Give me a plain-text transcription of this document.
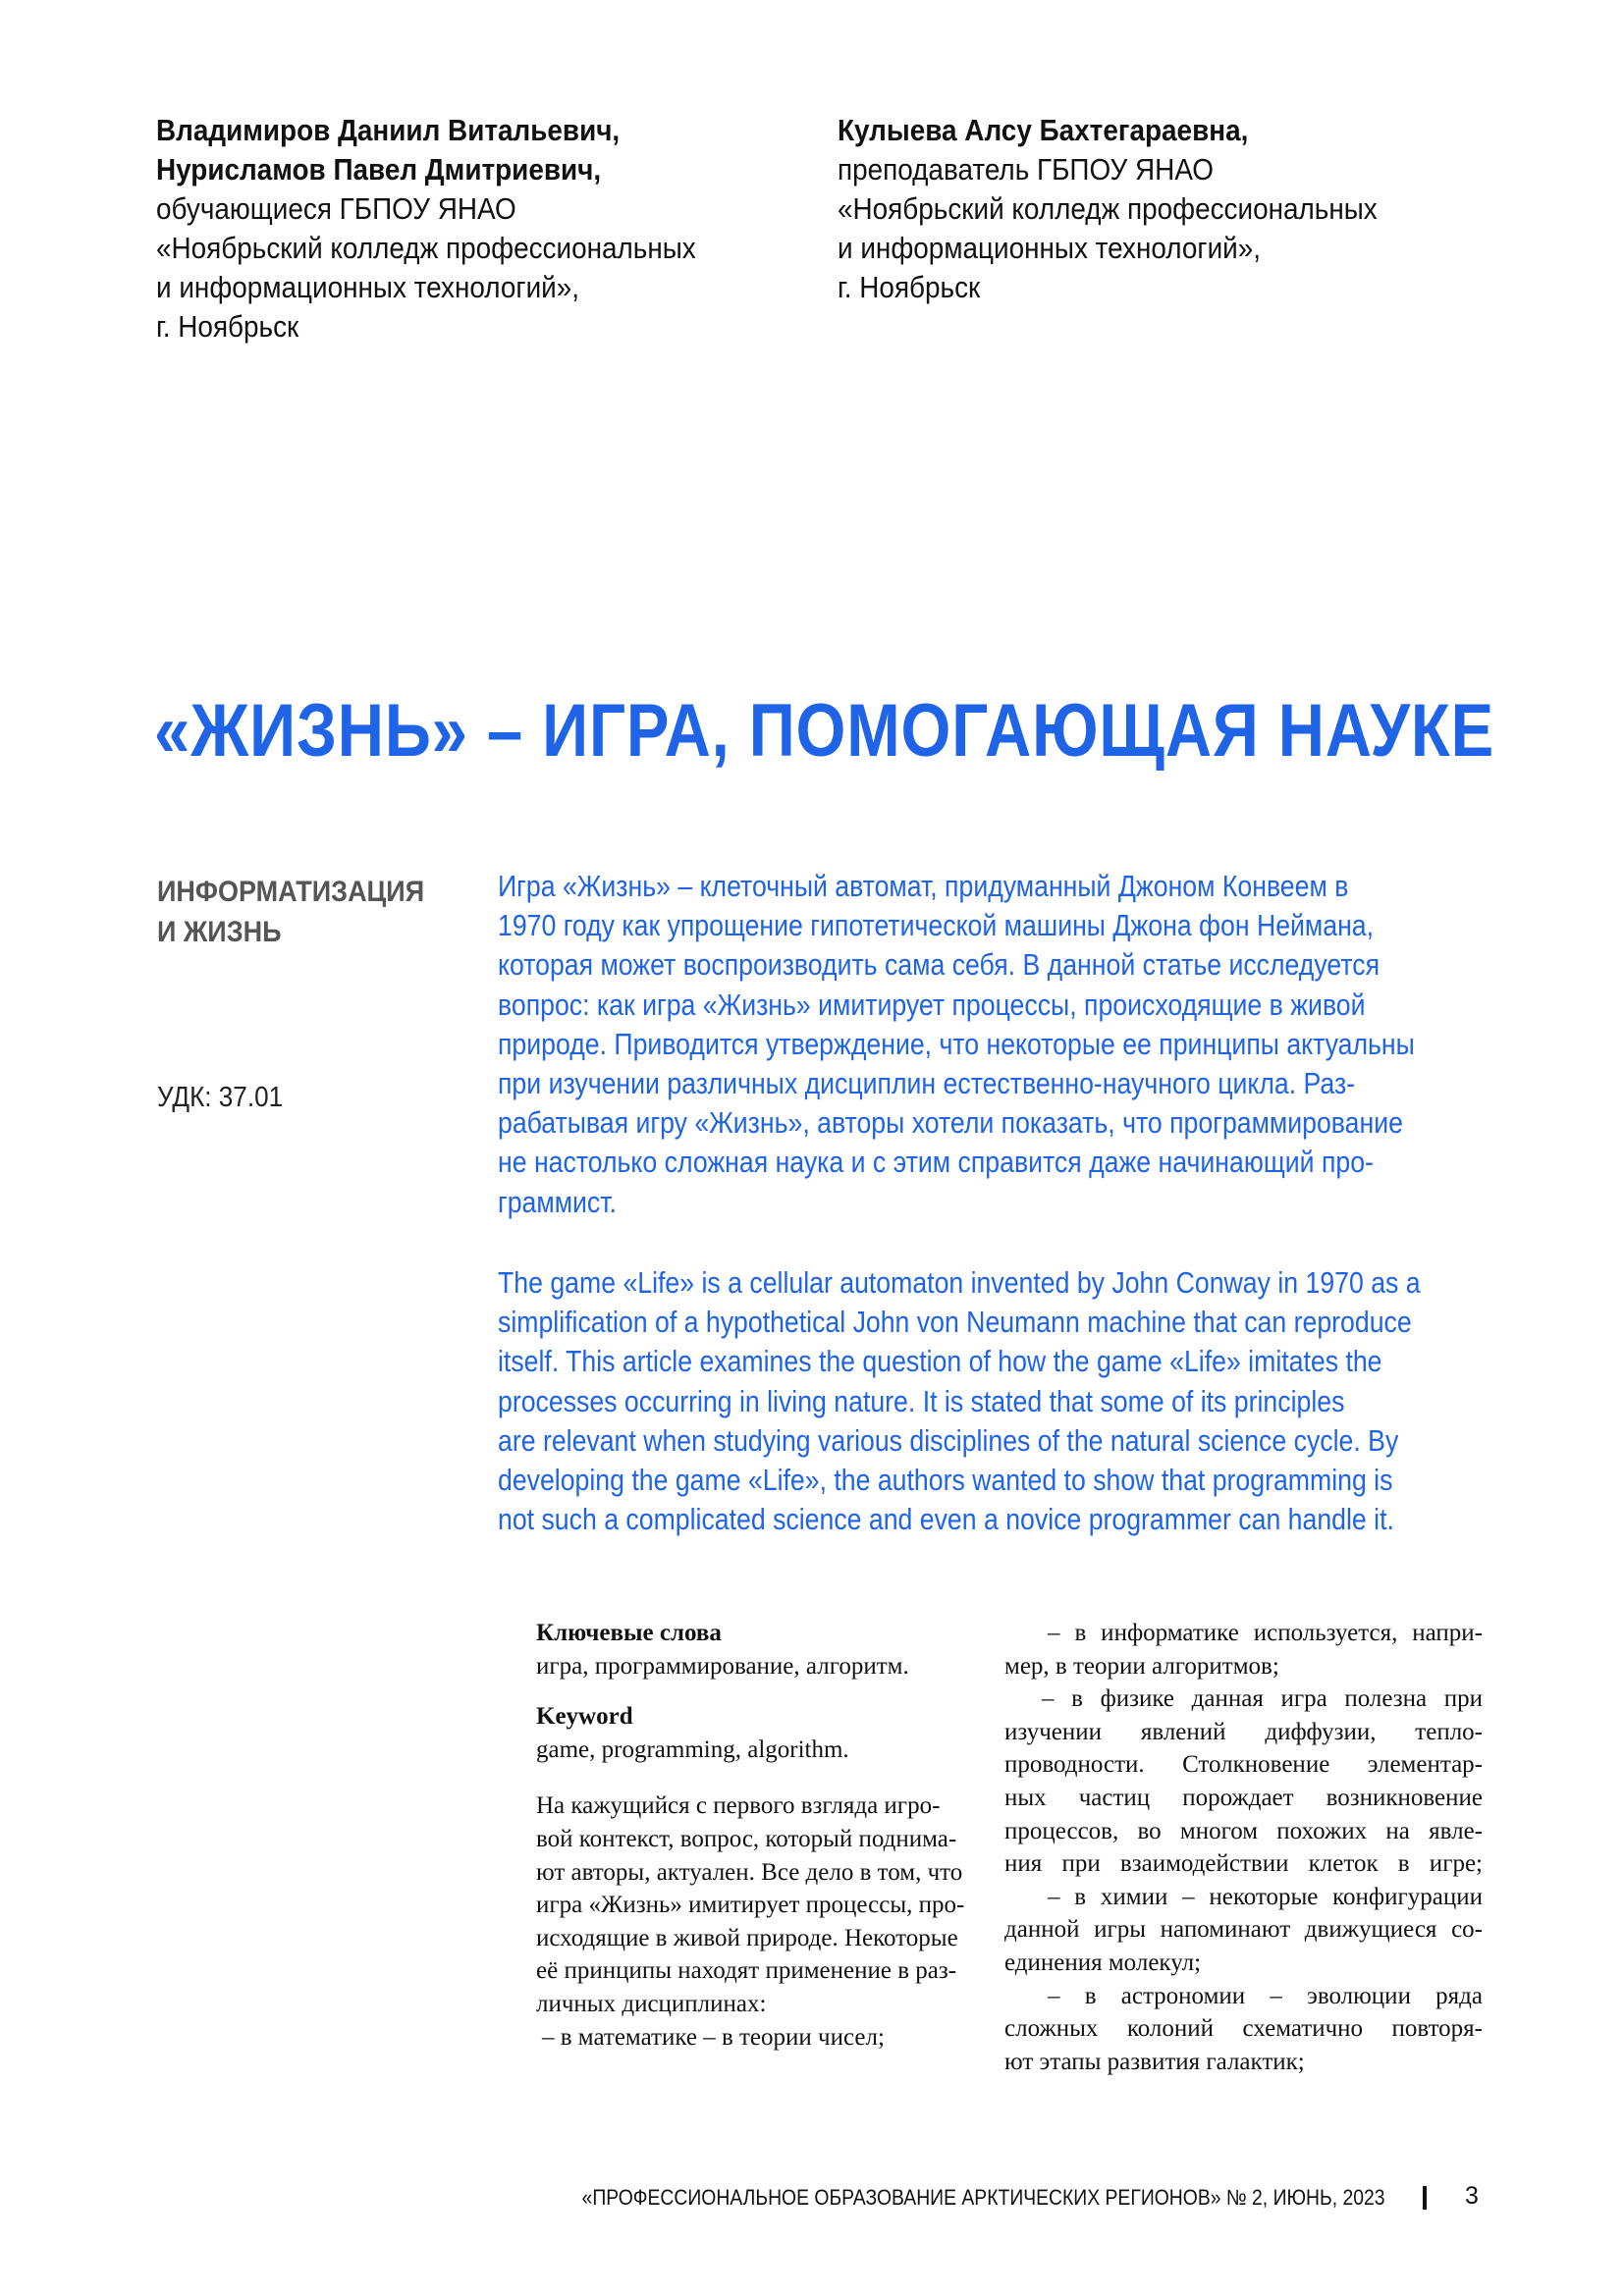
Владимиров Даниил Витальевич,
Нурисламов Павел Дмитриевич,
обучающиеся ГБПОУ ЯНАО
«Ноябрьский колледж профессиональных
и информационных технологий»,
г. Ноябрьск
Кулыева Алсу Бахтегараевна,
преподаватель ГБПОУ ЯНАО
«Ноябрьский колледж профессиональных
и информационных технологий»,
г. Ноябрьск
«ЖИЗНЬ» – ИГРА, ПОМОГАЮЩАЯ НАУКЕ
ИНФОРМАТИЗАЦИЯ
И ЖИЗНЬ
УДК: 37.01
Игра «Жизнь» – клеточный автомат, придуманный Джоном Конвеем в
1970 году как упрощение гипотетической машины Джона фон Неймана,
которая может воспроизводить сама себя. В данной статье исследуется
вопрос: как игра «Жизнь» имитирует процессы, происходящие в живой
природе. Приводится утверждение, что некоторые ее принципы актуальны
при изучении различных дисциплин естественно-научного цикла. Раз-
рабатывая игру «Жизнь», авторы хотели показать, что программирование
не настолько сложная наука и с этим справится даже начинающий про-
граммист.
The game «Life» is a cellular automaton invented by John Conway in 1970 as a
simplification of a hypothetical John von Neumann machine that can reproduce
itself. This article examines the question of how the game «Life» imitates the
processes occurring in living nature. It is stated that some of its principles
are relevant when studying various disciplines of the natural science cycle. By
developing the game «Life», the authors wanted to show that programming is
not such a complicated science and even a novice programmer can handle it.
Ключевые слова
игра, программирование, алгоритм.
Keyword
game, programming, algorithm.
На кажущийся с первого взгляда игро-
вой контекст, вопрос, который поднима-
ют авторы, актуален. Все дело в том, что
игра «Жизнь» имитирует процессы, про-
исходящие в живой природе. Некоторые
её принципы находят применение в раз-
личных дисциплинах:
– в математике – в теории чисел;
– в информатике используется, напри-
мер, в теории алгоритмов;
– в физике данная игра полезна при
изучении явлений диффузии, тепло-
проводности. Столкновение элементар-
ных частиц порождает возникновение
процессов, во многом похожих на явле-
ния при взаимодействии клеток в игре;
– в химии – некоторые конфигурации
данной игры напоминают движущиеся со-
единения молекул;
– в астрономии – эволюции ряда
сложных колоний схематично повторя-
ют этапы развития галактик;
«ПРОФЕССИОНАЛЬНОЕ ОБРАЗОВАНИЕ АРКТИЧЕСКИХ РЕГИОНОВ» № 2, ИЮНЬ, 2023	3
